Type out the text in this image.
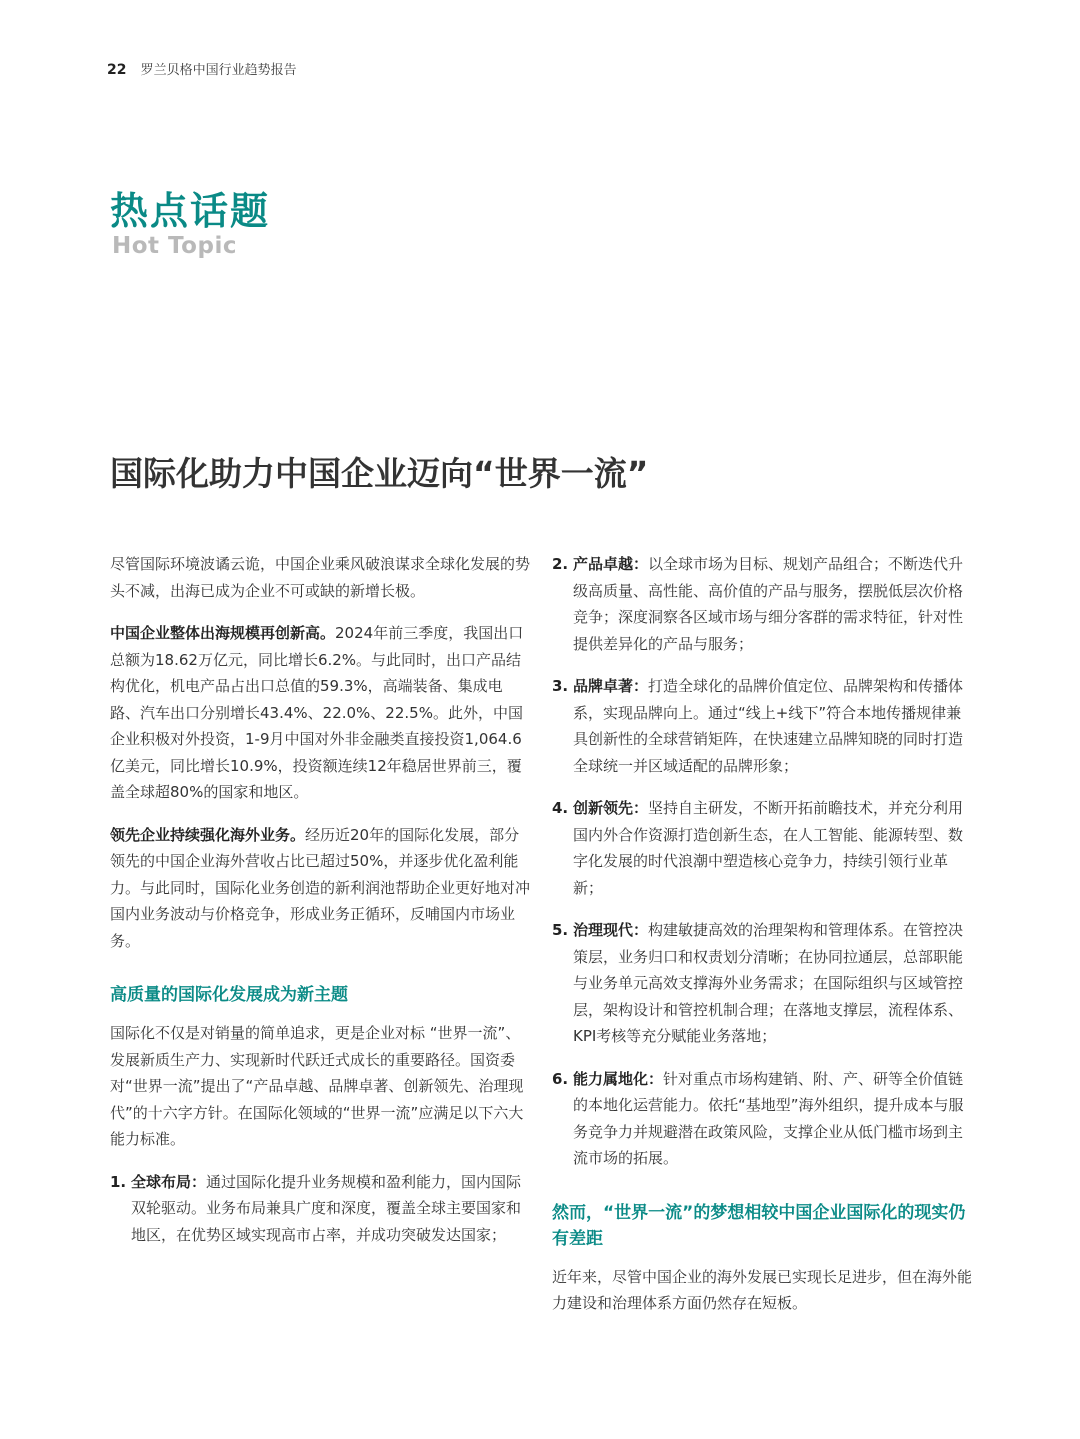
22 罗兰贝格中国行业趋势报告
热点话题
Hot Topic
国际化助力中国企业迈向“世界一流”

尽管国际环境波谲云诡，中国企业乘风破浪谋求全球化发展的势头不减，出海已成为企业不可或缺的新增长极。

中国企业整体出海规模再创新高。2024年前三季度，我国出口总额为18.62万亿元，同比增长6.2%。与此同时，出口产品结构优化，机电产品占出口总值的59.3%，高端装备、集成电路、汽车出口分别增长43.4%、22.0%、22.5%。此外，中国企业积极对外投资，1-9月中国对外非金融类直接投资1,064.6亿美元，同比增长10.9%，投资额连续12年稳居世界前三，覆盖全球超80%的国家和地区。

领先企业持续强化海外业务。经历近20年的国际化发展，部分领先的中国企业海外营收占比已超过50%，并逐步优化盈利能力。与此同时，国际化业务创造的新利润池帮助企业更好地对冲国内业务波动与价格竞争，形成业务正循环，反哺国内市场业务。

高质量的国际化发展成为新主题

国际化不仅是对销量的简单追求，更是企业对标 “世界一流”、发展新质生产力、实现新时代跃迁式成长的重要路径。国资委对“世界一流”提出了“产品卓越、品牌卓著、创新领先、治理现代”的十六字方针。在国际化领域的“世界一流”应满足以下六大能力标准。

1. 全球布局：通过国际化提升业务规模和盈利能力，国内国际双轮驱动。业务布局兼具广度和深度，覆盖全球主要国家和地区，在优势区域实现高市占率，并成功突破发达国家；
2. 产品卓越：以全球市场为目标、规划产品组合；不断迭代升级高质量、高性能、高价值的产品与服务，摆脱低层次价格竞争；深度洞察各区域市场与细分客群的需求特征，针对性提供差异化的产品与服务；
3. 品牌卓著：打造全球化的品牌价值定位、品牌架构和传播体系，实现品牌向上。通过“线上+线下”符合本地传播规律兼具创新性的全球营销矩阵，在快速建立品牌知晓的同时打造全球统一并区域适配的品牌形象；
4. 创新领先：坚持自主研发，不断开拓前瞻技术，并充分利用国内外合作资源打造创新生态，在人工智能、能源转型、数字化发展的时代浪潮中塑造核心竞争力，持续引领行业革新；
5. 治理现代：构建敏捷高效的治理架构和管理体系。在管控决策层，业务归口和权责划分清晰；在协同拉通层，总部职能与业务单元高效支撑海外业务需求；在国际组织与区域管控层，架构设计和管控机制合理；在落地支撑层，流程体系、KPI考核等充分赋能业务落地；
6. 能力属地化：针对重点市场构建销、附、产、研等全价值链的本地化运营能力。依托“基地型”海外组织，提升成本与服务竞争力并规避潜在政策风险，支撑企业从低门槛市场到主流市场的拓展。
然而，“世界一流”的梦想相较中国企业国际化的现实仍有差距

近年来，尽管中国企业的海外发展已实现长足进步，但在海外能力建设和治理体系方面仍然存在短板。
